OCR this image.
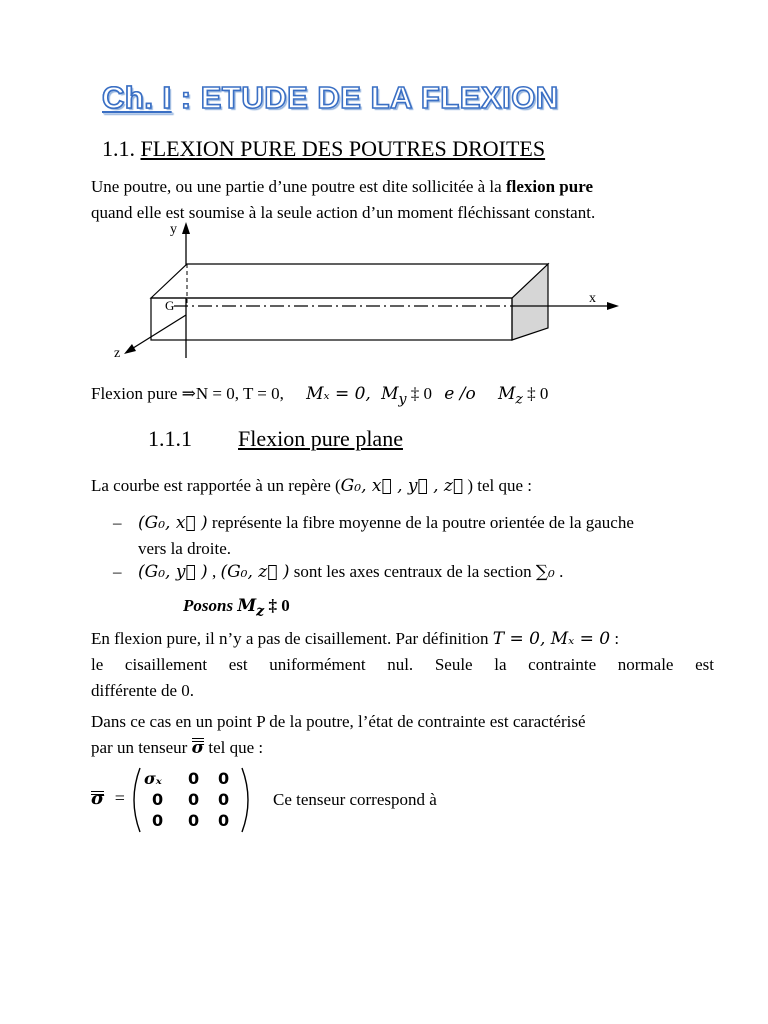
Ch. I : ETUDE DE LA FLEXION
1.1. FLEXION PURE DES POUTRES DROITES
Une poutre, ou une partie d’une poutre est dite sollicitée à la flexion pure
quand elle est soumise à la seule action d’un moment fléchissant constant.
y
z
x
G
Flexion pure ⇒N = 0, T = 0, Mₓ = 0, $M_y$ ‡ 0 e /o $M_z$ ‡ 0
1.1.1 Flexion pure plane
La courbe est rapportée à un repère (G₀, x⃗ , y⃗ , z⃗ ) tel que :
– (G₀, x⃗ ) représente la fibre moyenne de la poutre orientée de la gauche
vers la droite.
– (G₀, y⃗ ) , (G₀, z⃗ ) sont les axes centraux de la section ∑₀ .
Posons $M_z$ ‡ 0
En flexion pure, il n’y a pas de cisaillement. Par définition T = 0, Mₓ = 0 :
le cisaillement est uniformément nul. Seule la contrainte normale est
différente de 0.
Dans ce cas en un point P de la poutre, l’état de contrainte est caractérisé
par un tenseur
σ tel que :
σ =
σₓ	0	0
0	0	0
0	0	0
Ce tenseur correspond à
